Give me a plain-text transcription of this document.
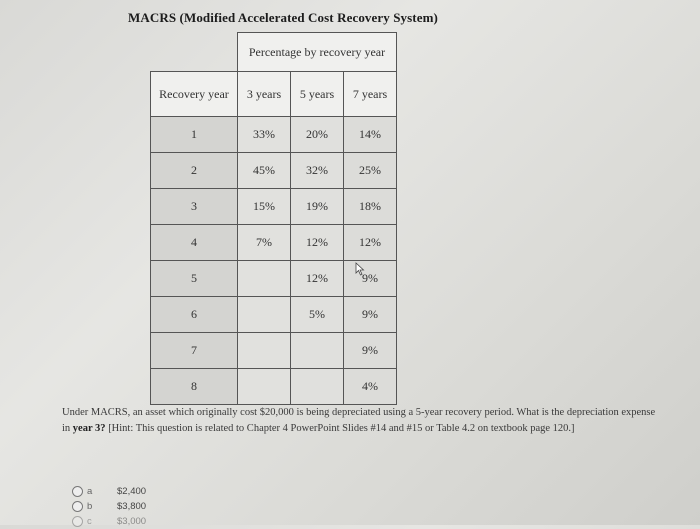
MACRS (Modified Accelerated Cost Recovery System)
	Percentage by recovery year		
Recovery year	3 years	5 years	7 years
1	33%	20%	14%
2	45%	32%	25%
3	15%	19%	18%
4	7%	12%	12%
5		12%	9%
6		5%	9%
7			9%
8			4%
Under MACRS, an asset which originally cost $20,000 is being depreciated using a 5-year recovery period. What is the depreciation expense in year 3? [Hint: This question is related to Chapter 4 PowerPoint Slides #14 and #15 or Table 4.2 on textbook page 120.]
a	$2,400
b	$3,800
c	$3,000
